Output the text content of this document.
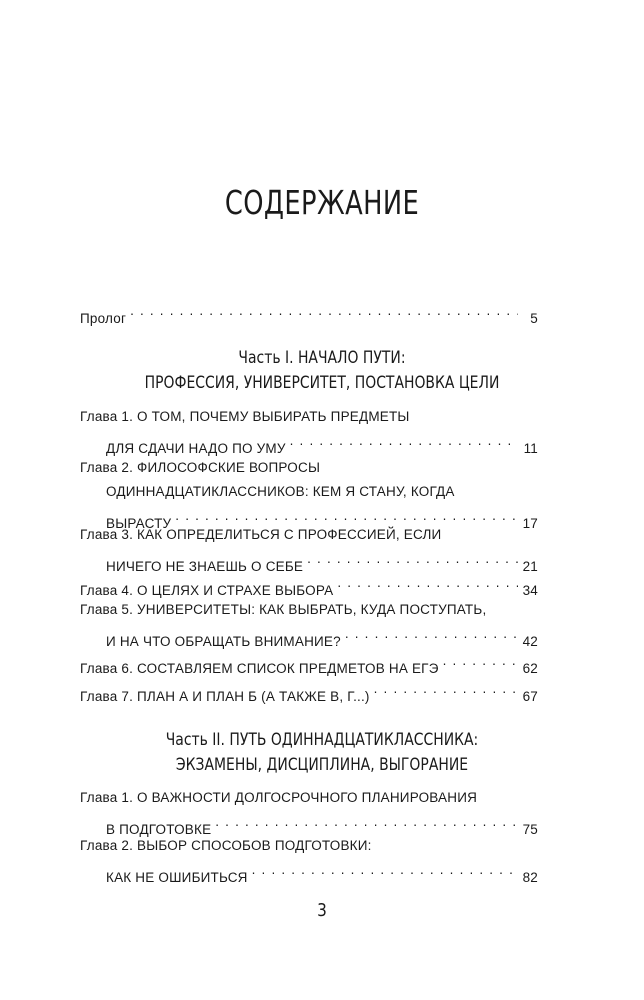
СОДЕРЖАНИЕ
Пролог . . .	5
Глава 1. О ТОМ, ПОЧЕМУ ВЫБИРАТЬ ПРЕДМЕТЫ
ДЛЯ СДАЧИ НАДО ПО УМУ . . .	11
Глава 2. ФИЛОСОФСКИЕ ВОПРОСЫ
ОДИННАДЦАТИКЛАССНИКОВ: КЕМ Я СТАНУ, КОГДА
ВЫРАСТУ . . .	17
Глава 3. КАК ОПРЕДЕЛИТЬСЯ С ПРОФЕССИЕЙ, ЕСЛИ
НИЧЕГО НЕ ЗНАЕШЬ О СЕБЕ . . .	21
Глава 4. О ЦЕЛЯХ И СТРАХЕ ВЫБОРА . . .	34
Глава 5. УНИВЕРСИТЕТЫ: КАК ВЫБРАТЬ, КУДА ПОСТУПАТЬ,
И НА ЧТО ОБРАЩАТЬ ВНИМАНИЕ? . . .	42
Глава 6. СОСТАВЛЯЕМ СПИСОК ПРЕДМЕТОВ НА ЕГЭ . . .	62
Глава 7. ПЛАН А И ПЛАН Б (А ТАКЖЕ В, Г...) . . .	67
Глава 1. О ВАЖНОСТИ ДОЛГОСРОЧНОГО ПЛАНИРОВАНИЯ
В ПОДГОТОВКЕ . . .	75
Глава 2. ВЫБОР СПОСОБОВ ПОДГОТОВКИ:
КАК НЕ ОШИБИТЬСЯ . . .	82
Часть I. НАЧАЛО ПУТИ:
ПРОФЕССИЯ, УНИВЕРСИТЕТ, ПОСТАНОВКА ЦЕЛИ
Часть II. ПУТЬ ОДИННАДЦАТИКЛАССНИКА:
ЭКЗАМЕНЫ, ДИСЦИПЛИНА, ВЫГОРАНИЕ
3
